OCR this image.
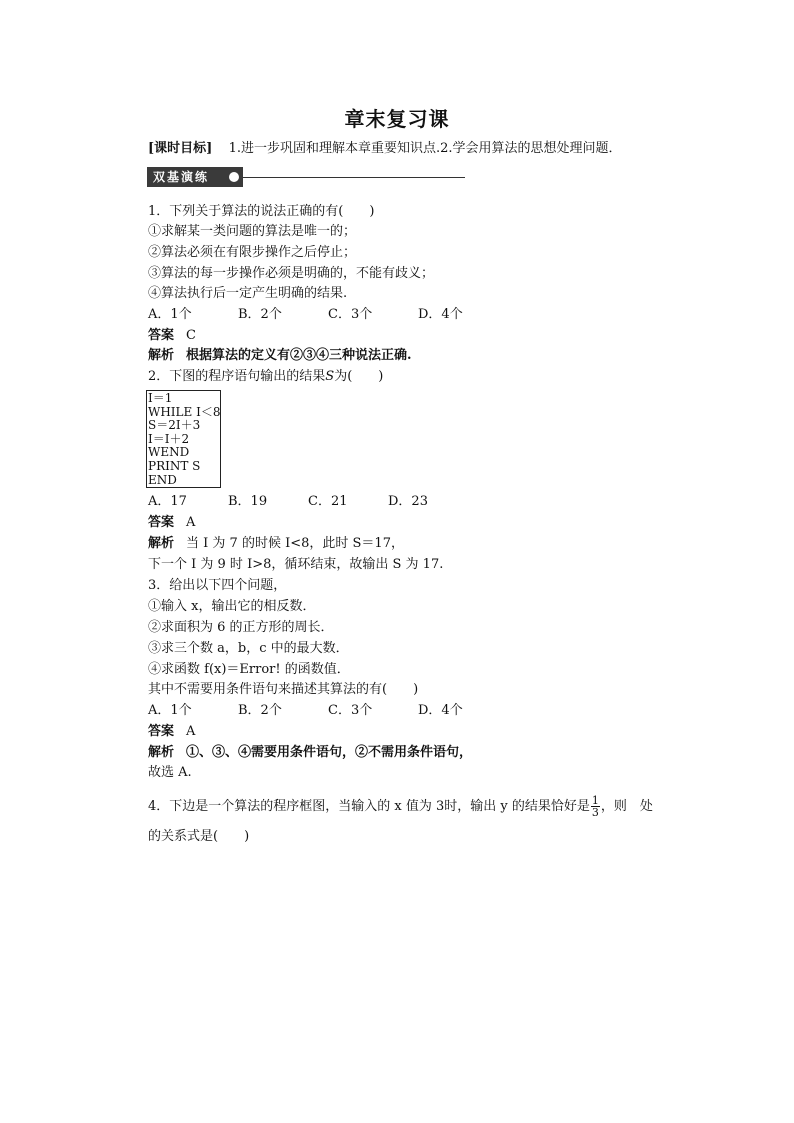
章末复习课
[课时目标] 1.进一步巩固和理解本章重要知识点.2.学会用算法的思想处理问题．
双基演练
1．下列关于算法的说法正确的有(　　)
①求解某一类问题的算法是唯一的；
②算法必须在有限步操作之后停止；
③算法的每一步操作必须是明确的，不能有歧义；
④算法执行后一定产生明确的结果.
A．1个	B．2个	C．3个	D．4个
答案 C
解析 根据算法的定义有②③④三种说法正确.
2．下图的程序语句输出的结果S为(　　)
I＝1
WHILE I＜8
S＝2I＋3
I＝I＋2
WEND
PRINT S
END
A．17	B．19	C．21	D．23
答案 A
解析 当 I 为 7 的时候 I<8，此时 S＝17，
下一个 I 为 9 时 I>8，循环结束，故输出 S 为 17.
3．给出以下四个问题，
①输入 x，输出它的相反数．
②求面积为 6 的正方形的周长．
③求三个数 a，b，c 中的最大数．
④求函数 f(x)＝Error! 的函数值．
其中不需要用条件语句来描述其算法的有(　　)
A．1个	B．2个	C．3个	D．4个
答案 A
解析 ①、③、④需要用条件语句，②不需用条件语句，
故选 A.
4．下边是一个算法的程序框图，当输入的 x 值为 3时，输出 y 的结果恰好是 $\frac{1}{3}$ ，则　处
的关系式是(　　)
